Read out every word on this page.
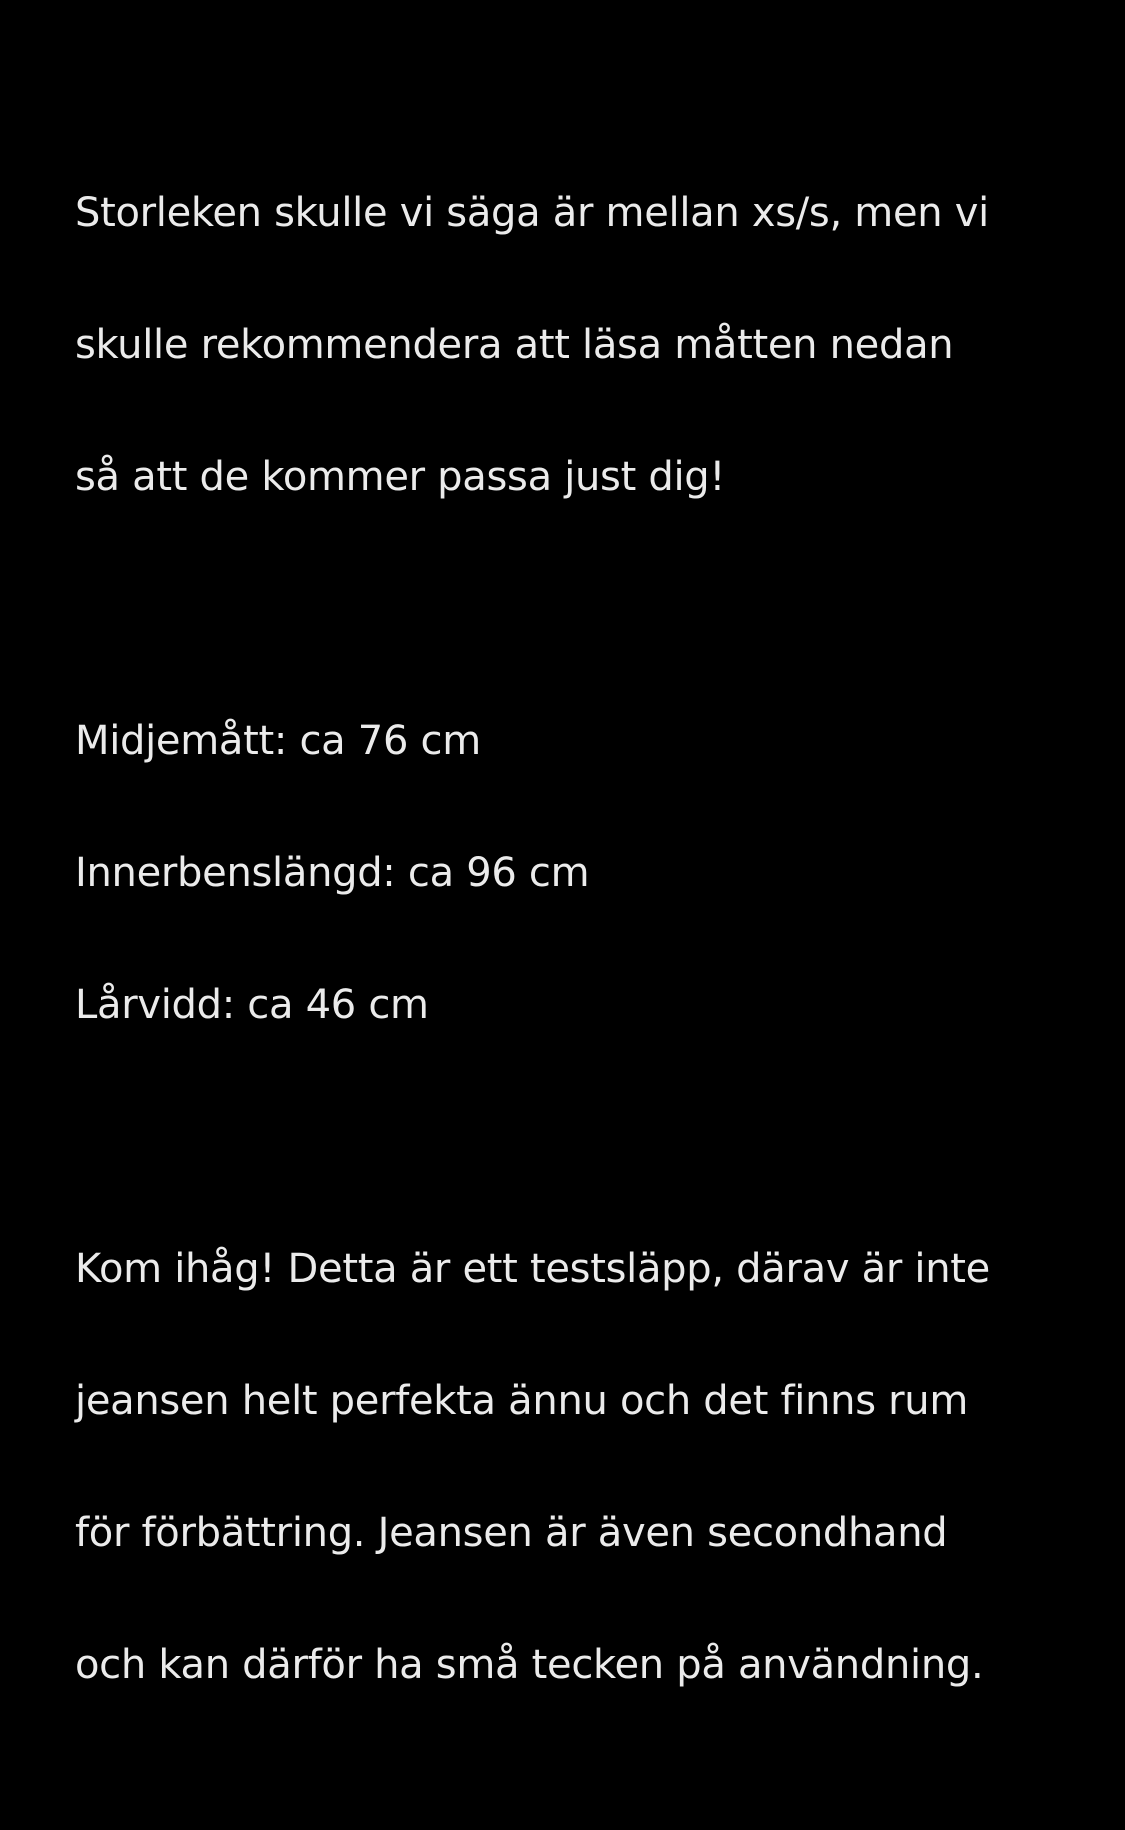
Storleken skulle vi säga är mellan xs/s, men vi

skulle rekommendera att läsa måtten nedan

så att de kommer passa just dig!

Midjemått: ca 76 cm

Innerbenslängd: ca 96 cm

Lårvidd: ca 46 cm

Kom ihåg! Detta är ett testsläpp, därav är inte

jeansen helt perfekta ännu och det finns rum

för förbättring. Jeansen är även secondhand

och kan därför ha små tecken på användning.
